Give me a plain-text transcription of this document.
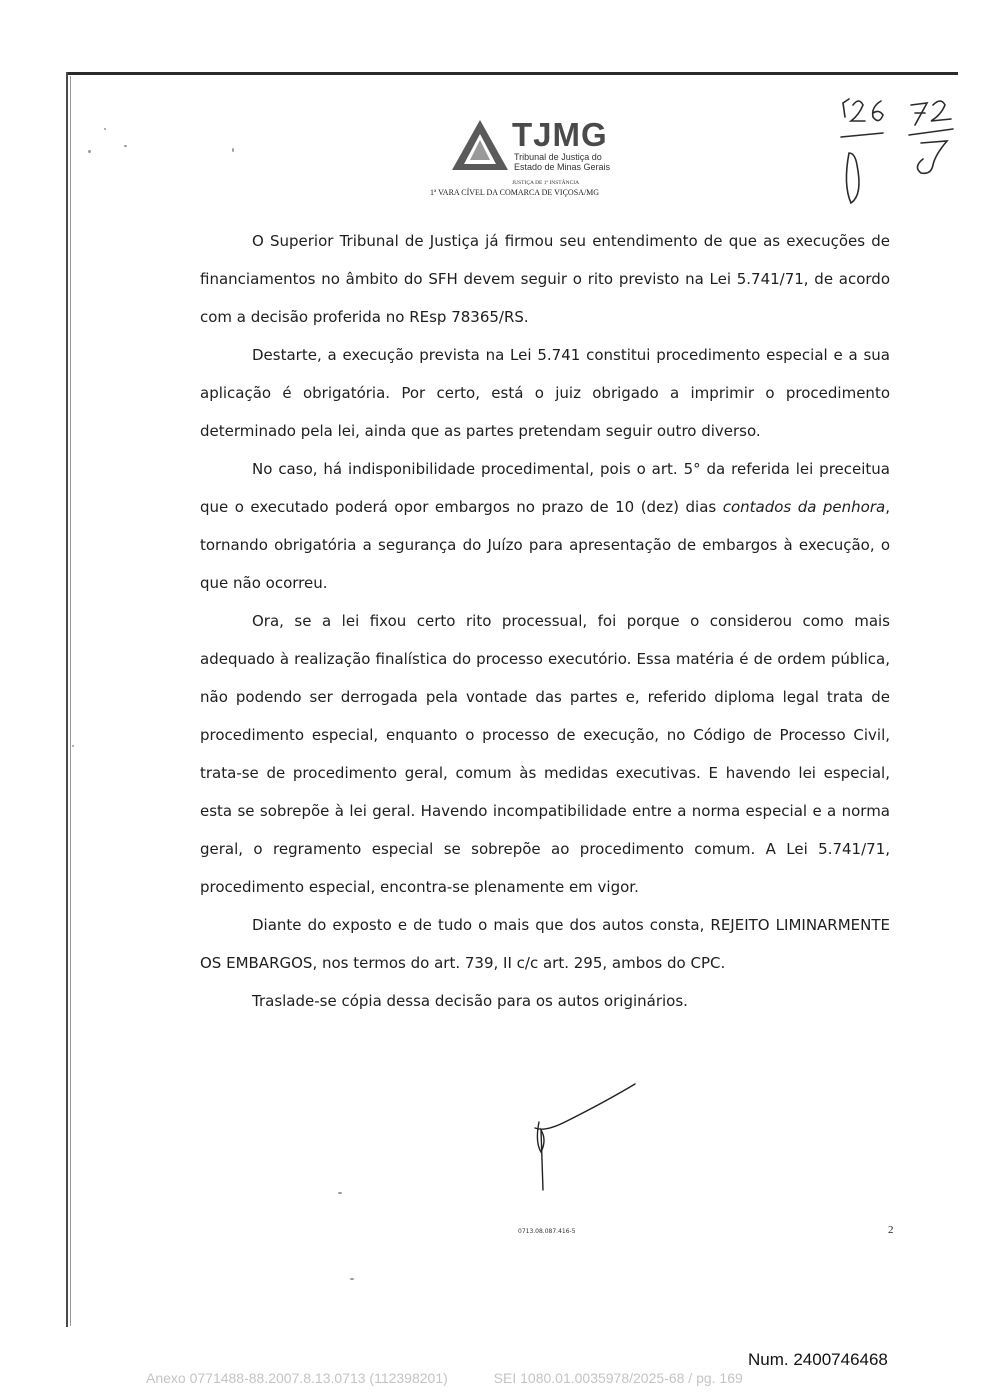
TJMG
Tribunal de Justiça do
Estado de Minas Gerais
JUSTIÇA DE 1ª INSTÂNCIA
1ª VARA CÍVEL DA COMARCA DE VIÇOSA/MG

O Superior Tribunal de Justiça já firmou seu entendimento de que as execuções de financiamentos no âmbito do SFH devem seguir o rito previsto na Lei 5.741/71, de acordo com a decisão proferida no REsp 78365/RS.

Destarte, a execução prevista na Lei 5.741 constitui procedimento especial e a sua aplicação é obrigatória. Por certo, está o juiz obrigado a imprimir o procedimento determinado pela lei, ainda que as partes pretendam seguir outro diverso.

No caso, há indisponibilidade procedimental, pois o art. 5° da referida lei preceitua que o executado poderá opor embargos no prazo de 10 (dez) dias contados da penhora, tornando obrigatória a segurança do Juízo para apresentação de embargos à execução, o que não ocorreu.

Ora, se a lei fixou certo rito processual, foi porque o considerou como mais adequado à realização finalística do processo executório. Essa matéria é de ordem pública, não podendo ser derrogada pela vontade das partes e, referido diploma legal trata de procedimento especial, enquanto o processo de execução, no Código de Processo Civil, trata-se de procedimento geral, comum às medidas executivas. E havendo lei especial, esta se sobrepõe à lei geral. Havendo incompatibilidade entre a norma especial e a norma geral, o regramento especial se sobrepõe ao procedimento comum. A Lei 5.741/71, procedimento especial, encontra-se plenamente em vigor.

Diante do exposto e de tudo o mais que dos autos consta, REJEITO LIMINARMENTE OS EMBARGOS, nos termos do art. 739, II c/c art. 295, ambos do CPC.

Traslade-se cópia dessa decisão para os autos originários.

0713.08.087.416-5	2
Num. 2400746468
Anexo 0771488-88.2007.8.13.0713 (112398201)	SEI 1080.01.0035978/2025-68 / pg. 169
